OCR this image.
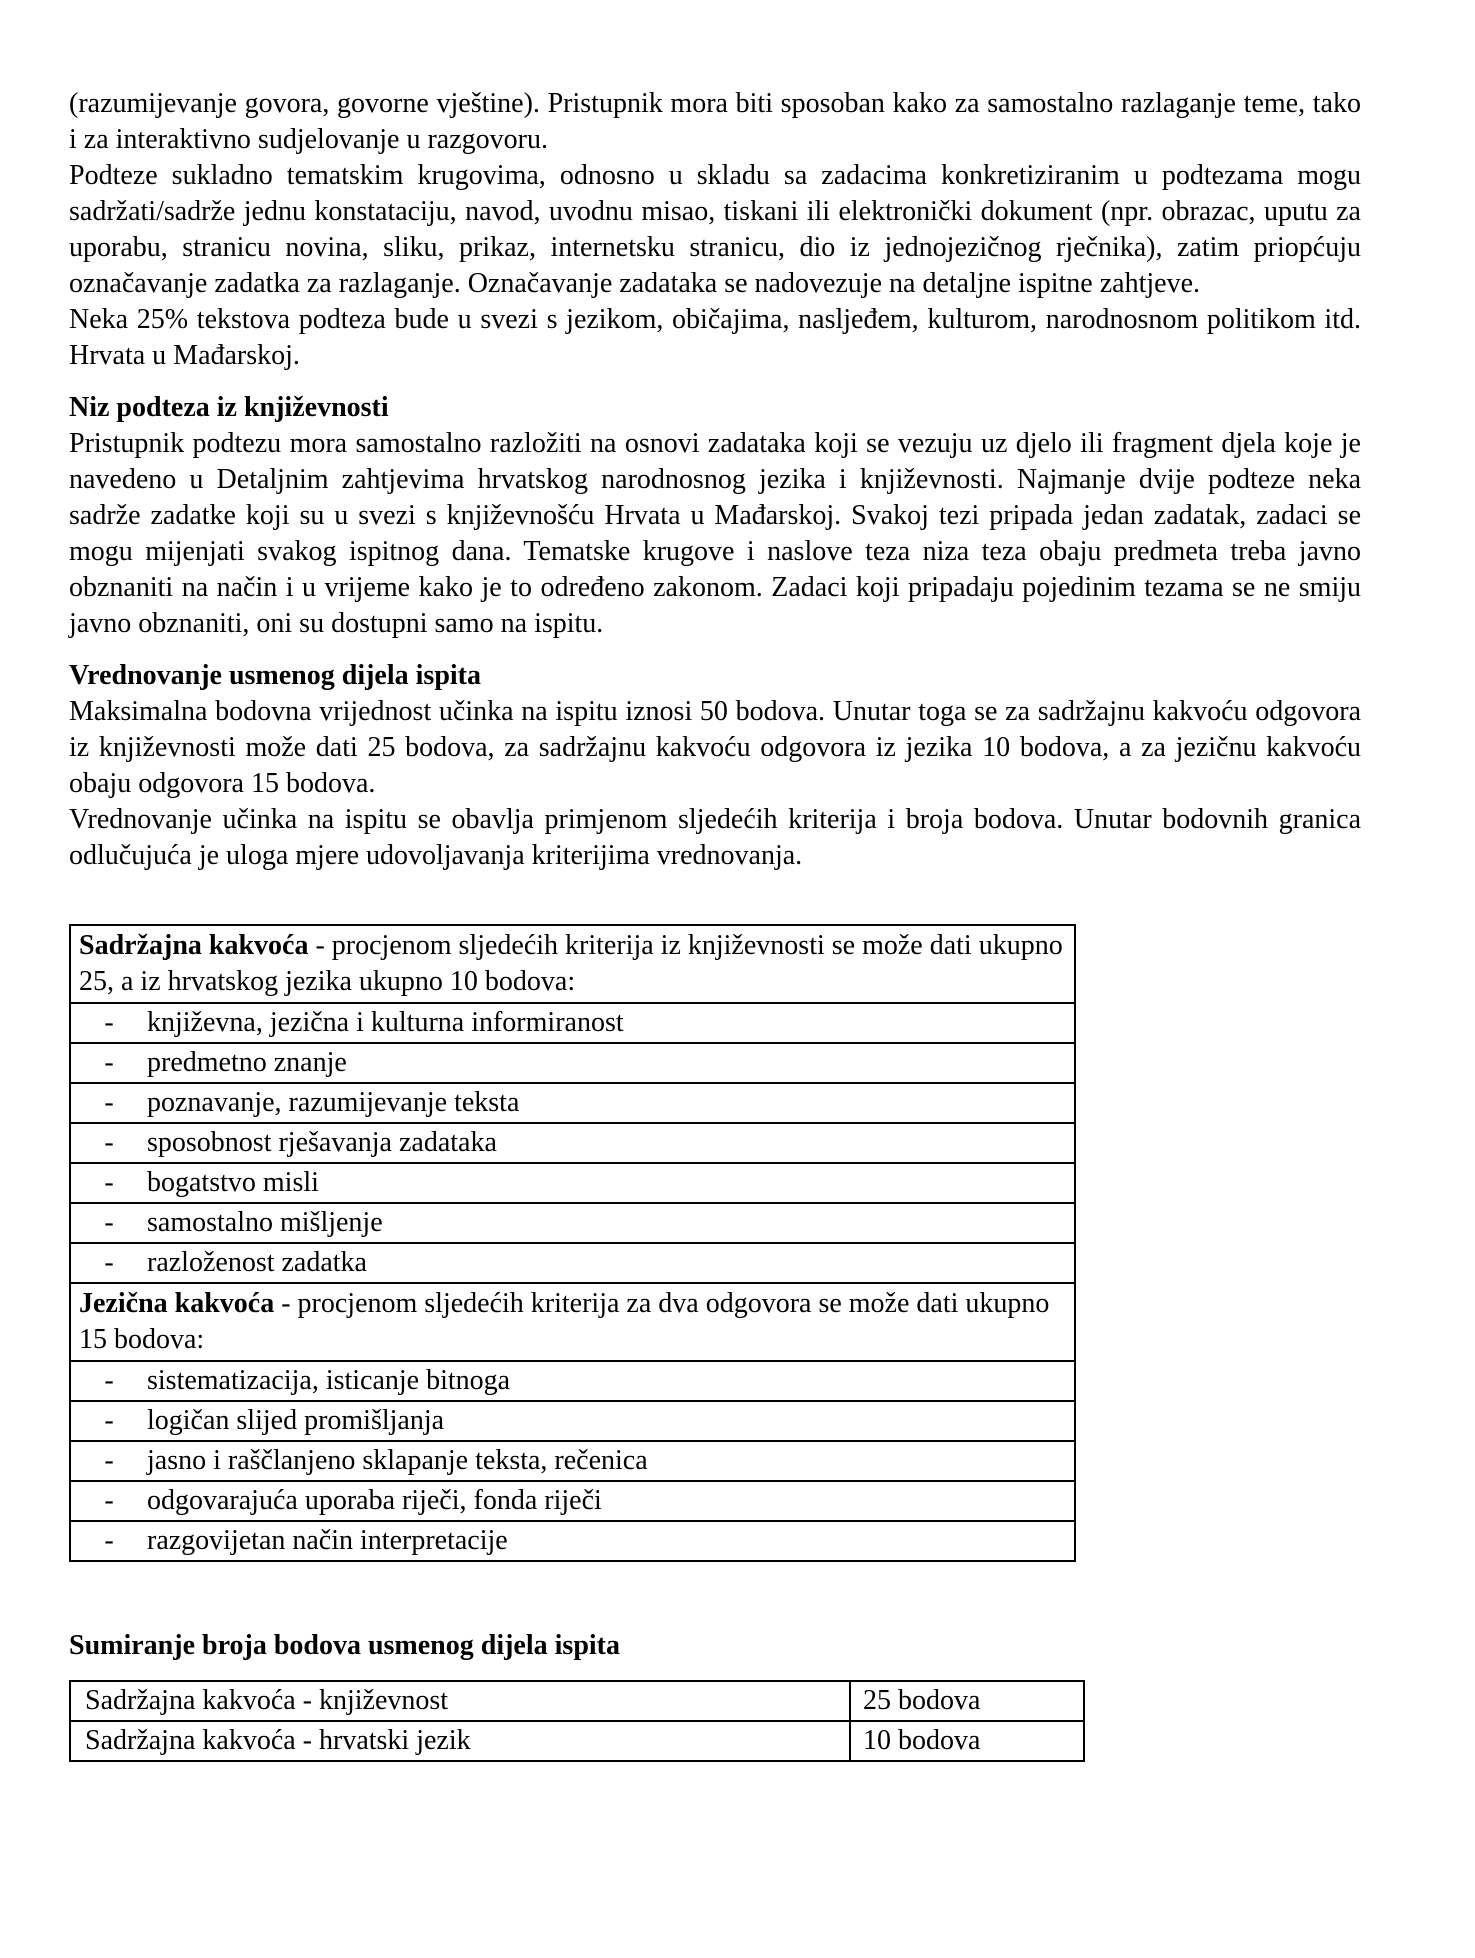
(razumijevanje govora, govorne vještine). Pristupnik mora biti sposoban kako za samostalno razlaganje teme, tako i za interaktivno sudjelovanje u razgovoru.

Podteze sukladno tematskim krugovima, odnosno u skladu sa zadacima konkretiziranim u podtezama mogu sadržati/sadrže jednu konstataciju, navod, uvodnu misao, tiskani ili elektronički dokument (npr. obrazac, uputu za uporabu, stranicu novina, sliku, prikaz, internetsku stranicu, dio iz jednojezičnog rječnika), zatim priopćuju označavanje zadatka za razlaganje. Označavanje zadataka se nadovezuje na detaljne ispitne zahtjeve.

Neka 25% tekstova podteza bude u svezi s jezikom, običajima, nasljeđem, kulturom, narodnosnom politikom itd. Hrvata u Mađarskoj.

Niz podteza iz književnosti

Pristupnik podtezu mora samostalno razložiti na osnovi zadataka koji se vezuju uz djelo ili fragment djela koje je navedeno u Detaljnim zahtjevima hrvatskog narodnosnog jezika i književnosti. Najmanje dvije podteze neka sadrže zadatke koji su u svezi s književnošću Hrvata u Mađarskoj. Svakoj tezi pripada jedan zadatak, zadaci se mogu mijenjati svakog ispitnog dana. Tematske krugove i naslove teza niza teza obaju predmeta treba javno obznaniti na način i u vrijeme kako je to određeno zakonom. Zadaci koji pripadaju pojedinim tezama se ne smiju javno obznaniti, oni su dostupni samo na ispitu.

Vrednovanje usmenog dijela ispita

Maksimalna bodovna vrijednost učinka na ispitu iznosi 50 bodova. Unutar toga se za sadržajnu kakvoću odgovora iz književnosti može dati 25 bodova, za sadržajnu kakvoću odgovora iz jezika 10 bodova, a za jezičnu kakvoću obaju odgovora 15 bodova.

Vrednovanje učinka na ispitu se obavlja primjenom sljedećih kriterija i broja bodova. Unutar bodovnih granica odlučujuća je uloga mjere udovoljavanja kriterijima vrednovanja.

Sadržajna kakvoća - procjenom sljedećih kriterija iz književnosti se može dati ukupno 25, a iz hrvatskog jezika ukupno 10 bodova:

-	književna, jezična i kulturna informiranost

-	predmetno znanje

-	poznavanje, razumijevanje teksta

-	sposobnost rješavanja zadataka

-	bogatstvo misli

-	samostalno mišljenje

-	razloženost zadatka

Jezična kakvoća - procjenom sljedećih kriterija za dva odgovora se može dati ukupno 15 bodova:

-	sistematizacija, isticanje bitnoga

-	logičan slijed promišljanja

-	jasno i raščlanjeno sklapanje teksta, rečenica

-	odgovarajuća uporaba riječi, fonda riječi

-	razgovijetan način interpretacije
Sumiranje broja bodova usmenog dijela ispita
Sadržajna kakvoća - književnost	25 bodova
Sadržajna kakvoća - hrvatski jezik	10 bodova
